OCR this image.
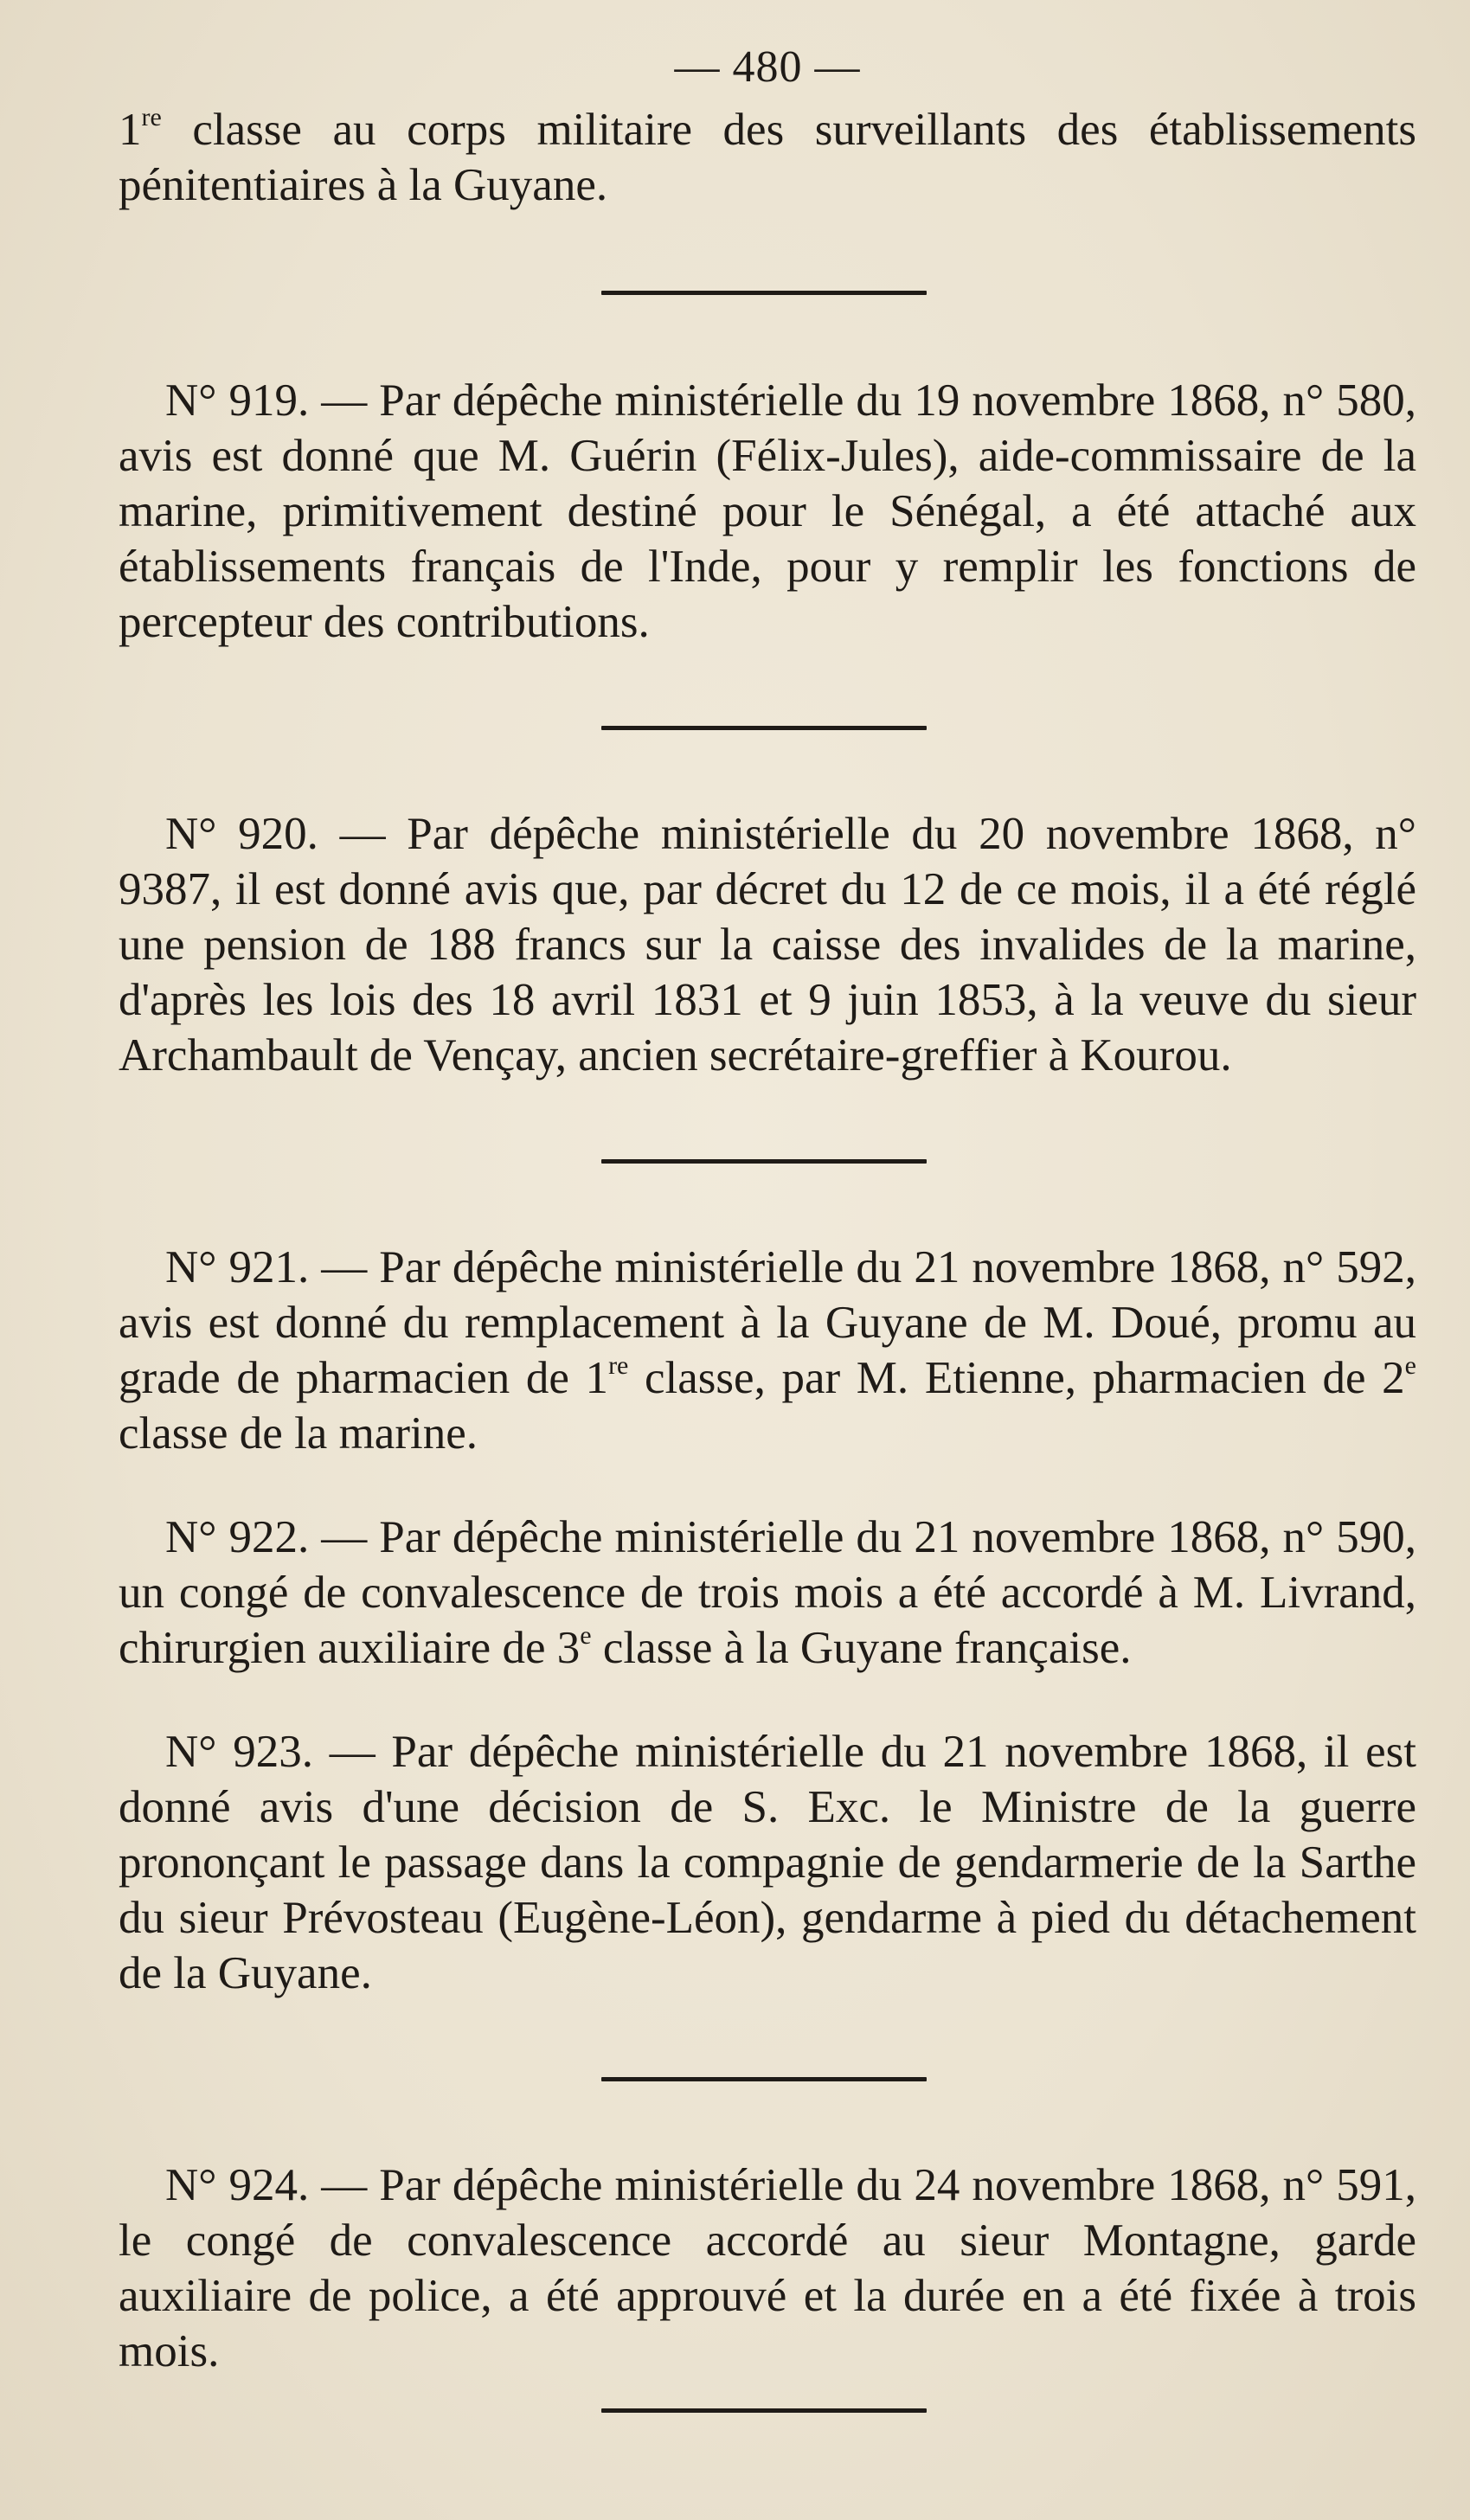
— 480 —

1re classe au corps militaire des surveillants des établissements pénitentiaires à la Guyane.

N° 919. — Par dépêche ministérielle du 19 novembre 1868, n° 580, avis est donné que M. Guérin (Félix-Jules), aide-commissaire de la marine, primitivement destiné pour le Sénégal, a été attaché aux établissements français de l'Inde, pour y remplir les fonctions de percepteur des contributions.

N° 920. — Par dépêche ministérielle du 20 novembre 1868, n° 9387, il est donné avis que, par décret du 12 de ce mois, il a été réglé une pension de 188 francs sur la caisse des invalides de la marine, d'après les lois des 18 avril 1831 et 9 juin 1853, à la veuve du sieur Archambault de Vençay, ancien secrétaire-greffier à Kourou.

N° 921. — Par dépêche ministérielle du 21 novembre 1868, n° 592, avis est donné du remplacement à la Guyane de M. Doué, promu au grade de pharmacien de 1re classe, par M. Etienne, pharmacien de 2e classe de la marine.

N° 922. — Par dépêche ministérielle du 21 novembre 1868, n° 590, un congé de convalescence de trois mois a été accordé à M. Livrand, chirurgien auxiliaire de 3e classe à la Guyane française.

N° 923. — Par dépêche ministérielle du 21 novembre 1868, il est donné avis d'une décision de S. Exc. le Ministre de la guerre prononçant le passage dans la compagnie de gendarmerie de la Sarthe du sieur Prévosteau (Eugène-Léon), gendarme à pied du détachement de la Guyane.

N° 924. — Par dépêche ministérielle du 24 novembre 1868, n° 591, le congé de convalescence accordé au sieur Montagne, garde auxiliaire de police, a été approuvé et la durée en a été fixée à trois mois.
